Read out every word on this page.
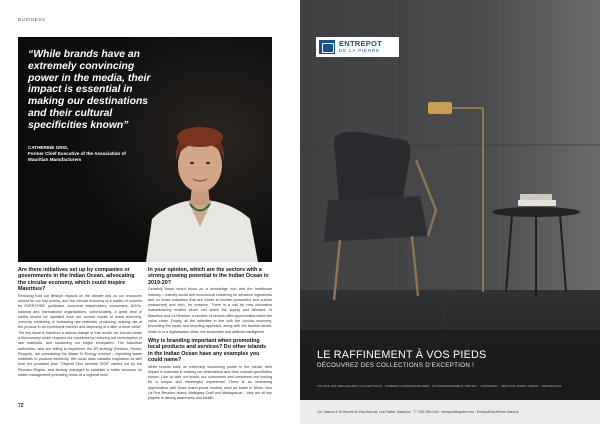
BUSINESS
“While brands have an extremely convincing power in the media, their impact is essential in making our destinations and their cultural specificities known”
CATHERINE GRIS,
Former Chief Executive of the Association of Mauritian Manufacturers
Are there initiatives set up by companies or governments in the Indian Ocean, advocating the circular economy, which could inspire Mauritius?

Reducing how our lifestyle impacts on the climate and on our resources should be our key priority, and the circular economy is a matter of concern for EVERYONE: politicians, economic stakeholders, consumers, NGOs, national and international organisations. Unfortunately, a great deal of inertia should be operated from our current model of linear economy, currently consisting of “extracting raw materials, producing, making use of the product in an ephemeral manner and disposing of it after a short while”. The key issue is therefore a radical change of that model: we should create a bioeconomy which recycles our resources by reducing our consumption of raw materials, and sustaining our fragile ecosystem. The Mauritian authorities, who are willing to implement the 3R strategy (Reduce, Reuse, Recycle), are considering the Waste To Energy concept – exploiting waste materials to produce electricity. We could draw valuable inspiration as well from the proactive plan “Objectif Zéro déchets 2030” carried out by the Réunion Region, and already manages to establish a better structure for waste management promoting reuse at a regional level.

In your opinion, which are the sectors with a strong growing potential in the Indian Ocean in 2019-20?

Certainly those which focus on a knowledge hub and the healthcare industry – namely social and economical clustering for sensitive ingredients and on those industries that are closer to tourism (cosmetic) and cuisine (restaurant) and tech, for instance. There is a call for new innovative manufacturing models which can share the supply and demand. In Mauritius and La Réunion, a number of sectors offer opportunities within the value chain. Finally, all the activities in line with the circular economy, promoting the repair and recycling approach, along with the tourism sector, which is in a digitalisation drive, the blockchain and artificial intelligence.

Why is branding important when promoting local products and services? Do other islands in the Indian Ocean have any examples you could name?

While brands have an extremely convincing power in the media, their impact is essential in making our destinations and their cultural specificities known. Like us with our brand, our consumers and customers are looking for a unique and meaningful experience! There is an increasing appreciation with those brand-proud models, such as Made in Moris, Nou La Fine Reunion Island, Malagasy Craft and Madagascar – they are all key players in raising awareness and wealth.

72
ENTREPOT
DE LA PIERRE
LE RAFFINEMENT À VOS PIEDS
DÉCOUVREZ DES COLLECTIONS D’EXCEPTION !
TOUTES LES MEILLEURES COLLECTIONS · CONSEILS PERSONNALISÉS · ACCOMPAGNEMENT PROJET · LIVRAISON · SERVICE APRÈS-VENTE · SHOWROOM
Cnr Jaisens & St Vincent de Paul Avenue, Les Pailles, Mauritius · T: +230 286 0104 · entrepotdelapierre.mu · EntrepotDeLaPierre Maurice
